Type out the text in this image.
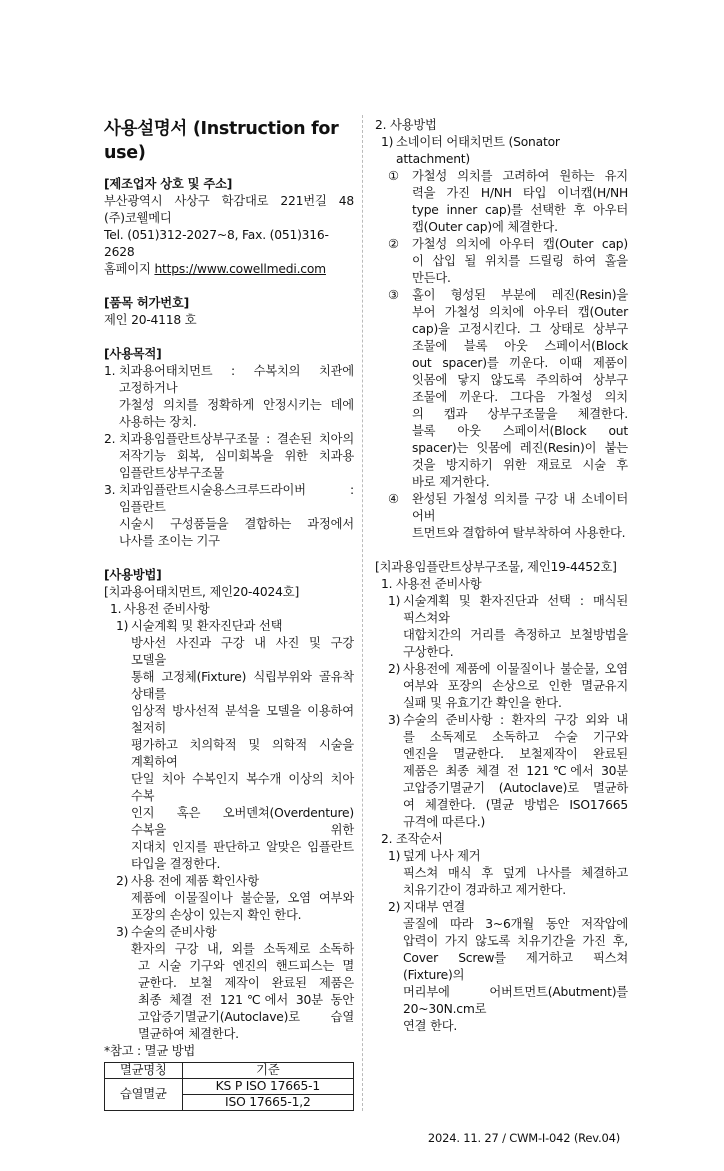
사용설명서 (Instruction for use)
[제조업자 상호 및 주소]
부산광역시 사상구 학감대로 221번길 48
(주)코웰메디
Tel. (051)312-2027~8, Fax. (051)316-2628
홈페이지 https://www.cowellmedi.com
[품목 허가번호]
제인 20-4118 호
[사용목적]
1. 치과용어태치먼트 : 수복치의 치관에 고정하거나
가철성 의치를 정확하게 안정시키는 데에
사용하는 장치.
2. 치과용임플란트상부구조물 : 결손된 치아의
저작기능 회복, 심미회복을 위한 치과용
임플란트상부구조물
3. 치과임플란트시술용스크루드라이버 : 임플란트
시술시 구성품들을 결합하는 과정에서
나사를 조이는 기구
[사용방법]
[치과용어태치먼트, 제인20-4024호]
1. 사용전 준비사항
1) 시술계획 및 환자진단과 선택
방사선 사진과 구강 내 사진 및 구강 모델을
통해 고정체(Fixture) 식립부위와 골유착 상태를
임상적 방사선적 분석을 모델을 이용하여 철저히
평가하고 치의학적 및 의학적 시술을 계획하여
단일 치아 수복인지 복수개 이상의 치아 수복
인지 혹은 오버덴쳐(Overdenture) 수복을 위한
지대치 인지를 판단하고 알맞은 임플란트
타입을 결정한다.
2) 사용 전에 제품 확인사항
제품에 이물질이나 불순물, 오염 여부와
포장의 손상이 있는지 확인 한다.
3) 수술의 준비사항
환자의 구강 내, 외를 소독제로 소독하
고 시술 기구와 엔진의 핸드피스는 멸
균한다. 보철 제작이 완료된 제품은
최종 체결 전 121℃에서 30분 동안
고압증기멸균기(Autoclave)로 습열
멸균하여 체결한다.
*참고 : 멸균 방법
멸균명칭	기준
습열멸균	KS P ISO 17665-1
	ISO 17665-1,2
2. 사용방법
1) 소네이터 어태치먼트 (Sonator attachment)
① 가철성 의치를 고려하여 원하는 유지
력을 가진 H/NH 타입 이너캡(H/NH
type inner cap)를 선택한 후 아우터
캡(Outer cap)에 체결한다.
② 가철성 의치에 아우터 캡(Outer cap)
이 삽입 될 위치를 드릴링 하여 홀을
만든다.
③ 홀이 형성된 부분에 레진(Resin)을
부어 가철성 의치에 아우터 캡(Outer
cap)을 고정시킨다. 그 상태로 상부구
조물에 블록 아웃 스페이서(Block
out spacer)를 끼운다. 이때 제품이
잇몸에 닿지 않도록 주의하여 상부구
조물에 끼운다. 그다음 가철성 의치
의 캡과 상부구조물을 체결한다.
블록 아웃 스페이서(Block out
spacer)는 잇몸에 레진(Resin)이 붙는
것을 방지하기 위한 재료로 시술 후
바로 제거한다.
④ 완성된 가철성 의치를 구강 내 소네이터 어버
트먼트와 결합하여 탈부착하여 사용한다.
[치과용임플란트상부구조물, 제인19-4452호]
1. 사용전 준비사항
1) 시술계획 및 환자진단과 선택 : 매식된 픽스쳐와
대합치간의 거리를 측정하고 보철방법을
구상한다.
2) 사용전에 제품에 이물질이나 불순물, 오염
여부와 포장의 손상으로 인한 멸균유지
실패 및 유효기간 확인을 한다.
3) 수술의 준비사항 : 환자의 구강 외와 내
를 소독제로 소독하고 수술 기구와
엔진을 멸균한다. 보철제작이 완료된
제품은 최종 체결 전 121℃에서 30분
고압증기멸균기 (Autoclave)로 멸균하
여 체결한다. (멸균 방법은 ISO17665
규격에 따른다.)
2. 조작순서
1) 덮게 나사 제거
픽스쳐 매식 후 덮게 나사를 체결하고
치유기간이 경과하고 제거한다.
2) 지대부 연결
골질에 따라 3~6개월 동안 저작압에
압력이 가지 않도록 치유기간을 가진 후,
Cover Screw를 제거하고 픽스쳐(Fixture)의
머리부에 어버트먼트(Abutment)를 20~30N.cm로
연결 한다.
2024. 11. 27 / CWM-I-042 (Rev.04)
